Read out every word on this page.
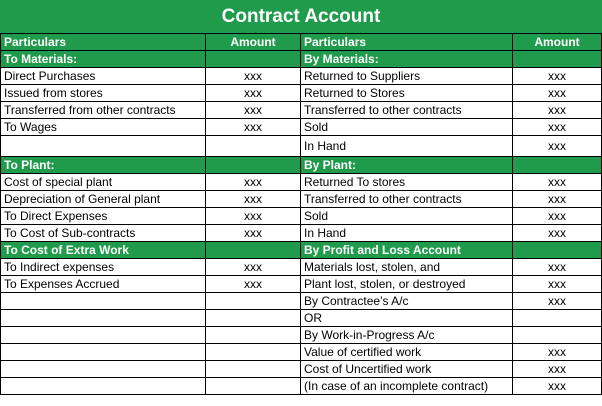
Contract Account
Particulars	Amount	Particulars	Amount
To Materials:		By Materials:	
Direct Purchases	xxx	Returned to Suppliers	xxx
Issued from stores	xxx	Returned to Stores	xxx
Transferred from other contracts	xxx	Transferred to other contracts	xxx
To Wages	xxx	Sold	xxx
		In Hand	xxx
To Plant:		By Plant:	
Cost of special plant	xxx	Returned To stores	xxx
Depreciation of General plant	xxx	Transferred to other contracts	xxx
To Direct Expenses	xxx	Sold	xxx
To Cost of Sub-contracts	xxx	In Hand	xxx
To Cost of Extra Work		By Profit and Loss Account	
To Indirect expenses	xxx	Materials lost, stolen, and	xxx
To Expenses Accrued	xxx	Plant lost, stolen, or destroyed	xxx
		By Contractee’s A/c	xxx
		OR	
		By Work-in-Progress A/c	
		Value of certified work	xxx
		Cost of Uncertified work	xxx
		(In case of an incomplete contract)	xxx
